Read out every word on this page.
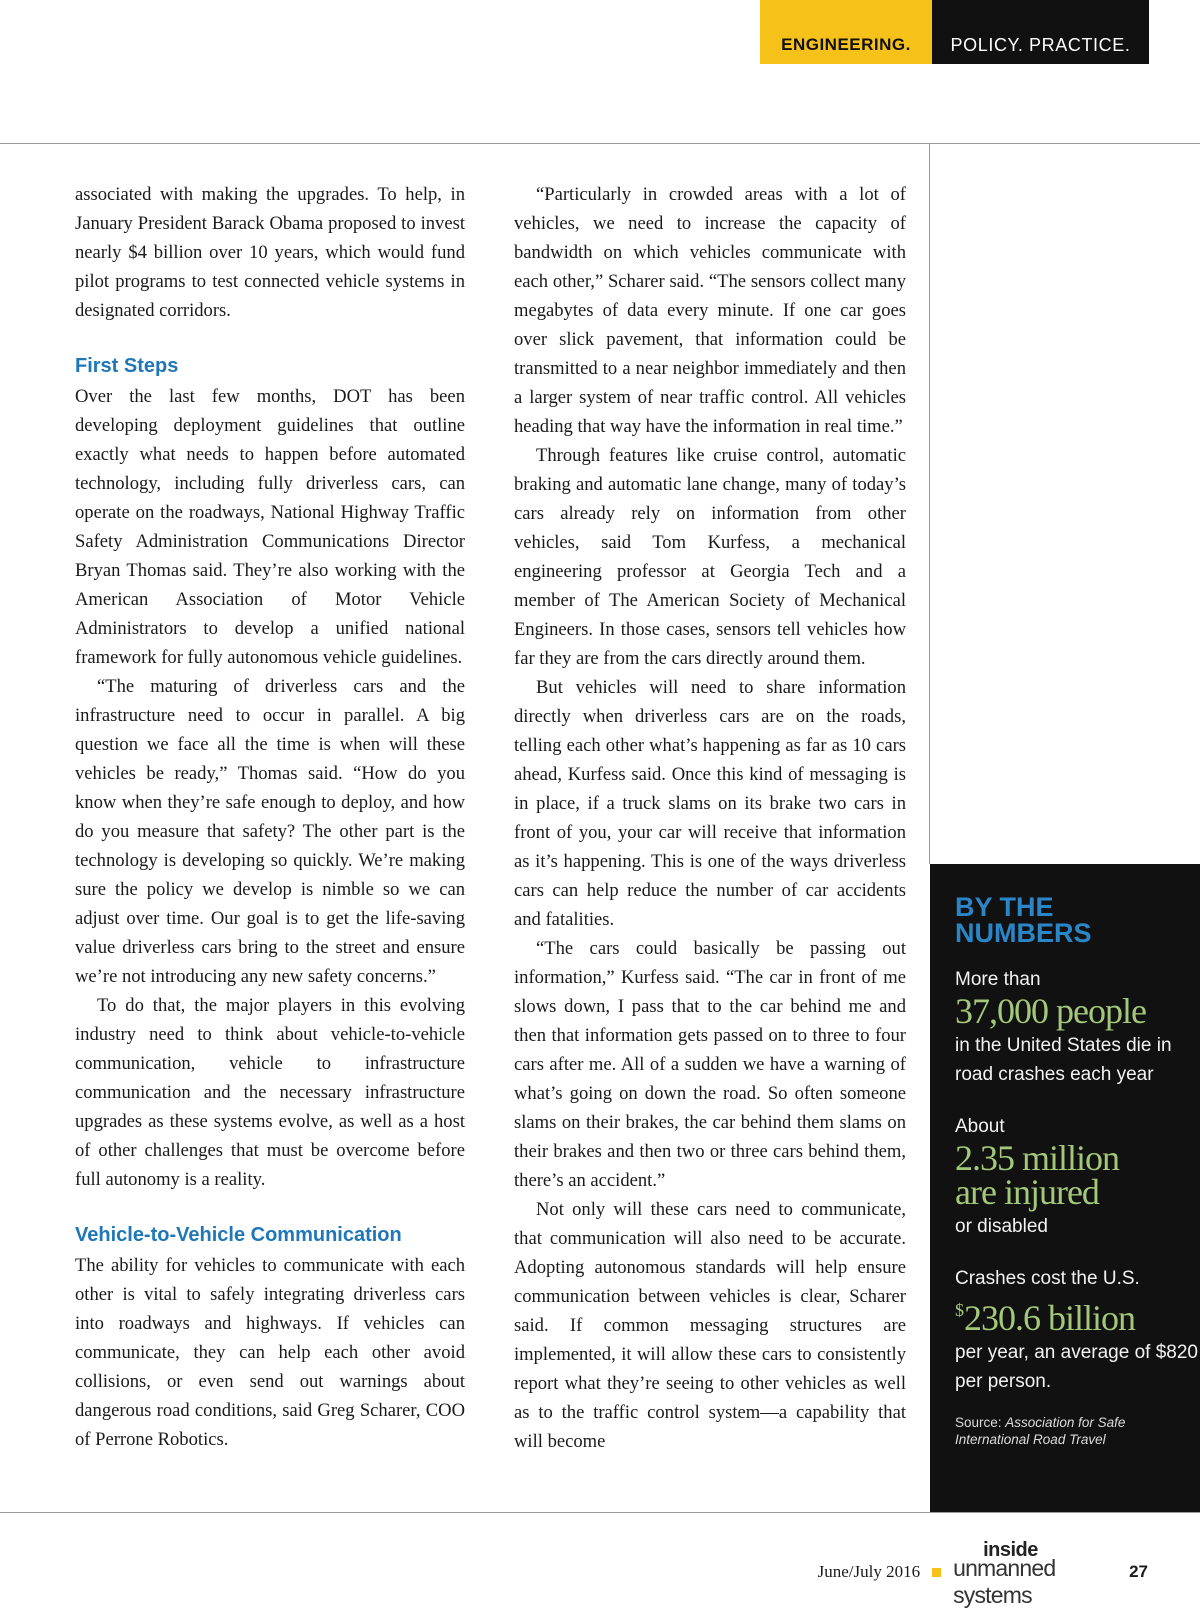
ENGINEERING.	POLICY. PRACTICE.

associated with making the upgrades. To help, in January President Barack Obama proposed to invest nearly $4 billion over 10 years, which would fund pilot programs to test connected vehicle systems in designated corridors.

First Steps

Over the last few months, DOT has been developing deployment guidelines that outline exactly what needs to happen before automated technology, including fully driverless cars, can operate on the roadways, National Highway Traffic Safety Administration Communications Director Bryan Thomas said. They’re also working with the American Association of Motor Vehicle Administrators to develop a unified national framework for fully autonomous vehicle guidelines.

“The maturing of driverless cars and the infrastructure need to occur in parallel. A big question we face all the time is when will these vehicles be ready,” Thomas said. “How do you know when they’re safe enough to deploy, and how do you measure that safety? The other part is the technology is developing so quickly. We’re making sure the policy we develop is nimble so we can adjust over time. Our goal is to get the life-saving value driverless cars bring to the street and ensure we’re not introducing any new safety concerns.”

To do that, the major players in this evolving industry need to think about vehicle-to-vehicle communication, vehicle to infrastructure communication and the necessary infrastructure upgrades as these systems evolve, as well as a host of other challenges that must be overcome before full autonomy is a reality.

Vehicle-to-Vehicle Communication

The ability for vehicles to communicate with each other is vital to safely integrating driverless cars into roadways and highways. If vehicles can communicate, they can help each other avoid collisions, or even send out warnings about dangerous road conditions, said Greg Scharer, COO of Perrone Robotics.

“Particularly in crowded areas with a lot of vehicles, we need to increase the capacity of bandwidth on which vehicles communicate with each other,” Scharer said. “The sensors collect many megabytes of data every minute. If one car goes over slick pavement, that information could be transmitted to a near neighbor immediately and then a larger system of near traffic control. All vehicles heading that way have the information in real time.”

Through features like cruise control, automatic braking and automatic lane change, many of today’s cars already rely on information from other vehicles, said Tom Kurfess, a mechanical engineering professor at Georgia Tech and a member of The American Society of Mechanical Engineers. In those cases, sensors tell vehicles how far they are from the cars directly around them.

But vehicles will need to share information directly when driverless cars are on the roads, telling each other what’s happening as far as 10 cars ahead, Kurfess said. Once this kind of messaging is in place, if a truck slams on its brake two cars in front of you, your car will receive that information as it’s happening. This is one of the ways driverless cars can help reduce the number of car accidents and fatalities.

“The cars could basically be passing out information,” Kurfess said. “The car in front of me slows down, I pass that to the car behind me and then that information gets passed on to three to four cars after me. All of a sudden we have a warning of what’s going on down the road. So often someone slams on their brakes, the car behind them slams on their brakes and then two or three cars behind them, there’s an accident.”

Not only will these cars need to communicate, that communication will also need to be accurate. Adopting autonomous standards will help ensure communication between vehicles is clear, Scharer said. If common messaging structures are implemented, it will allow these cars to consistently report what they’re seeing to other vehicles as well as to the traffic control system—a capability that will become

BY THE
NUMBERS
More than
37,000 people
in the United States die in road crashes each year
About
2.35 million
are injured
or disabled
Crashes cost the U.S.
$230.6 billion
per year, an average of $820 per person.
Source: Association for Safe International Road Travel
June/July 2016
inside
unmanned systems
27
